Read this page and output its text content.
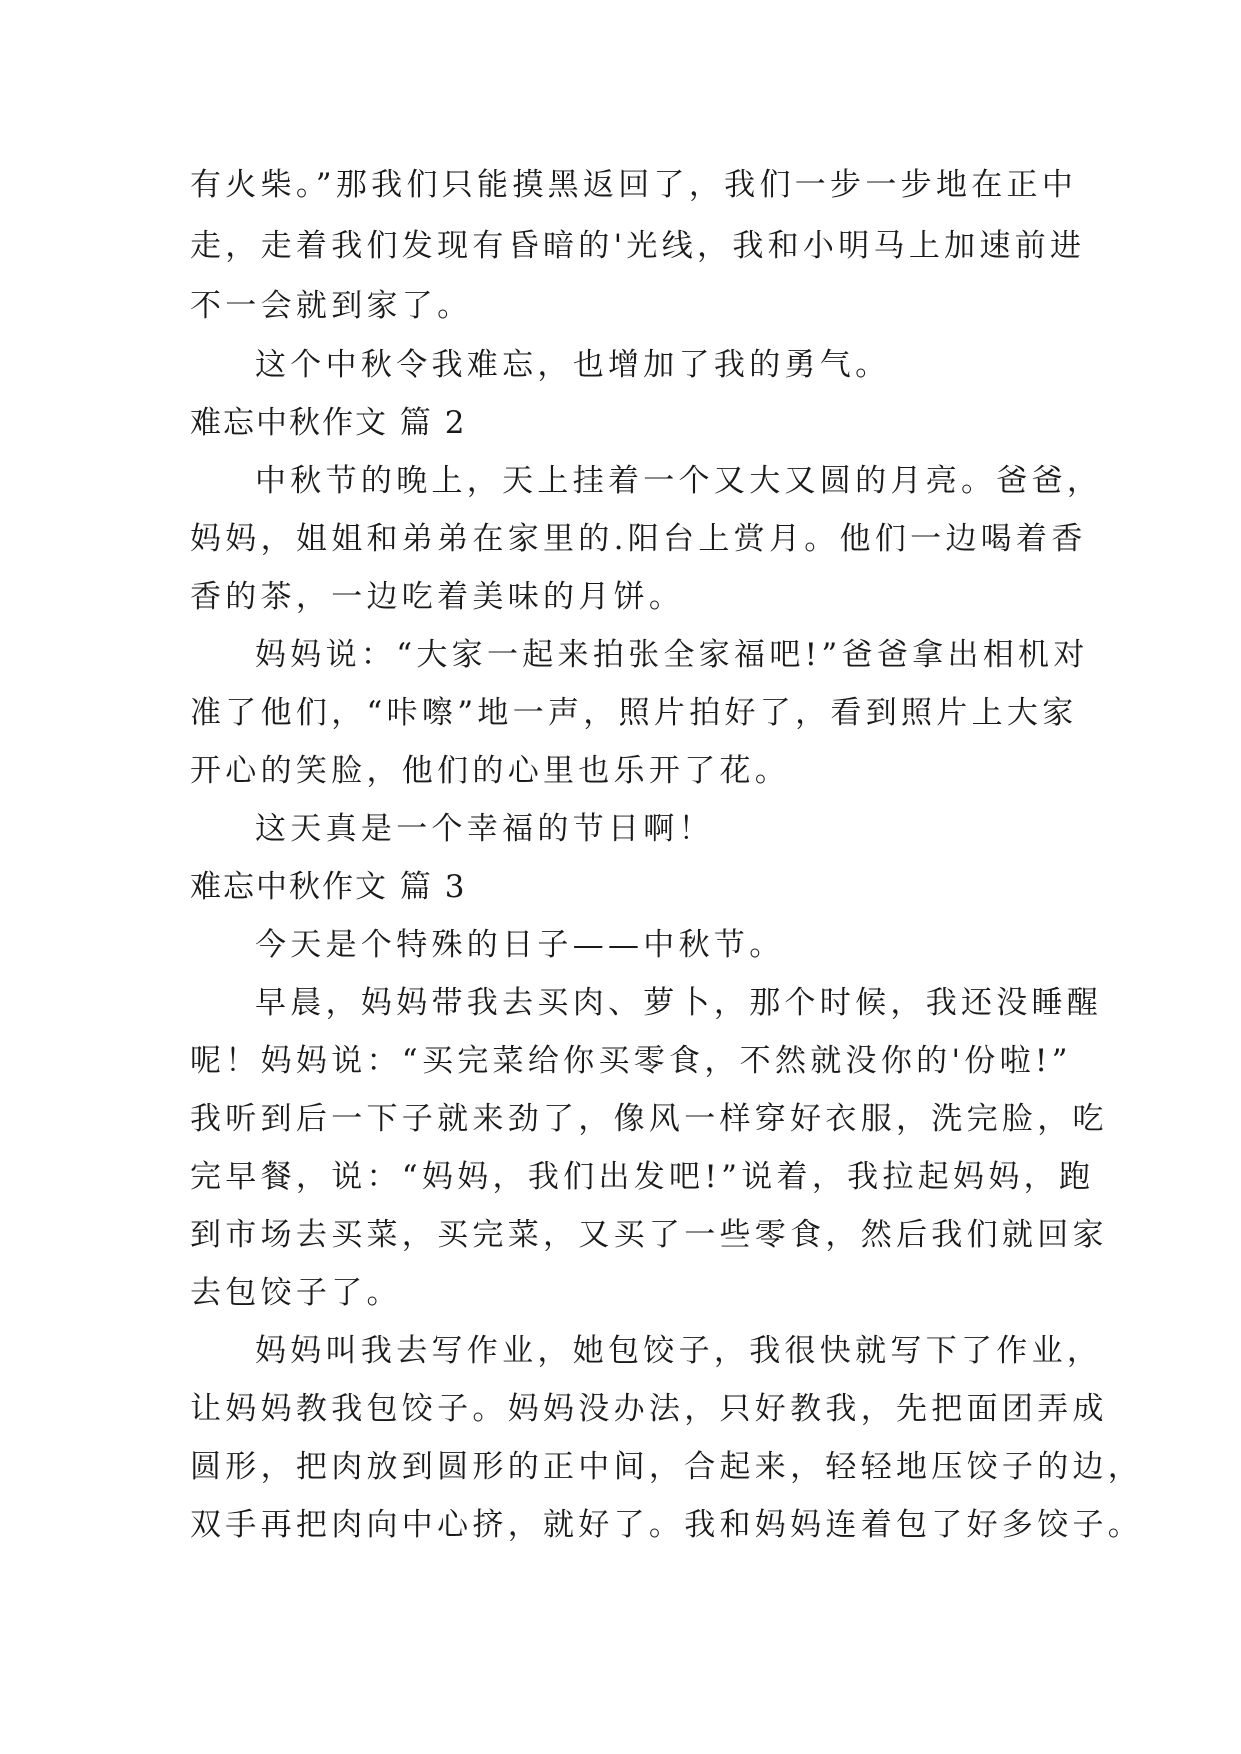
有火柴。”那我们只能摸黑返回了，我们一步一步地在正中
走，走着我们发现有昏暗的'光线，我和小明马上加速前进
不一会就到家了。
这个中秋令我难忘，也增加了我的勇气。
难忘中秋作文 篇 2
中秋节的晚上，天上挂着一个又大又圆的月亮。爸爸，
妈妈，姐姐和弟弟在家里的.阳台上赏月。他们一边喝着香
香的茶，一边吃着美味的月饼。
妈妈说：“大家一起来拍张全家福吧!”爸爸拿出相机对
准了他们，“咔嚓”地一声，照片拍好了，看到照片上大家
开心的笑脸，他们的心里也乐开了花。
这天真是一个幸福的节日啊！
难忘中秋作文 篇 3
今天是个特殊的日子——中秋节。
早晨，妈妈带我去买肉、萝卜，那个时候，我还没睡醒
呢！妈妈说：“买完菜给你买零食，不然就没你的'份啦!”
我听到后一下子就来劲了，像风一样穿好衣服，洗完脸，吃
完早餐，说：“妈妈，我们出发吧!”说着，我拉起妈妈，跑
到市场去买菜，买完菜，又买了一些零食，然后我们就回家
去包饺子了。
妈妈叫我去写作业，她包饺子，我很快就写下了作业，
让妈妈教我包饺子。妈妈没办法，只好教我，先把面团弄成
圆形，把肉放到圆形的正中间，合起来，轻轻地压饺子的边，
双手再把肉向中心挤，就好了。我和妈妈连着包了好多饺子。
